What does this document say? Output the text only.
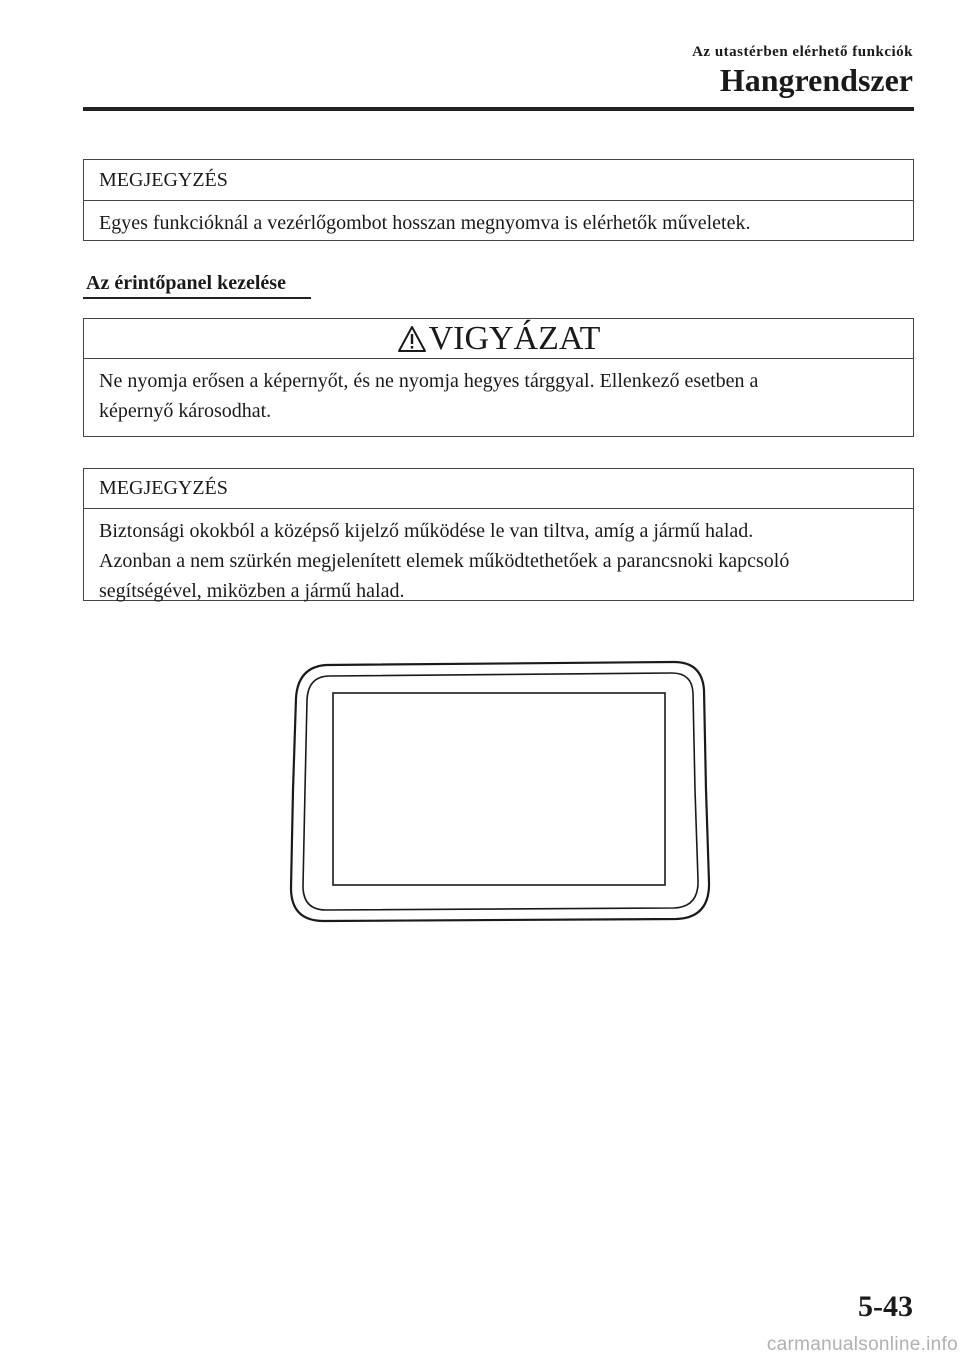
Az utastérben elérhető funkciók
Hangrendszer
MEGJEGYZÉS
Egyes funkcióknál a vezérlőgombot hosszan megnyomva is elérhetők műveletek.
Az érintőpanel kezelése
VIGYÁZAT
Ne nyomja erősen a képernyőt, és ne nyomja hegyes tárggyal. Ellenkező esetben a
képernyő károsodhat.
MEGJEGYZÉS
Biztonsági okokból a középső kijelző működése le van tiltva, amíg a jármű halad.
Azonban a nem szürkén megjelenített elemek működtethetőek a parancsnoki kapcsoló
segítségével, miközben a jármű halad.
5-43
carmanualsonline.info
